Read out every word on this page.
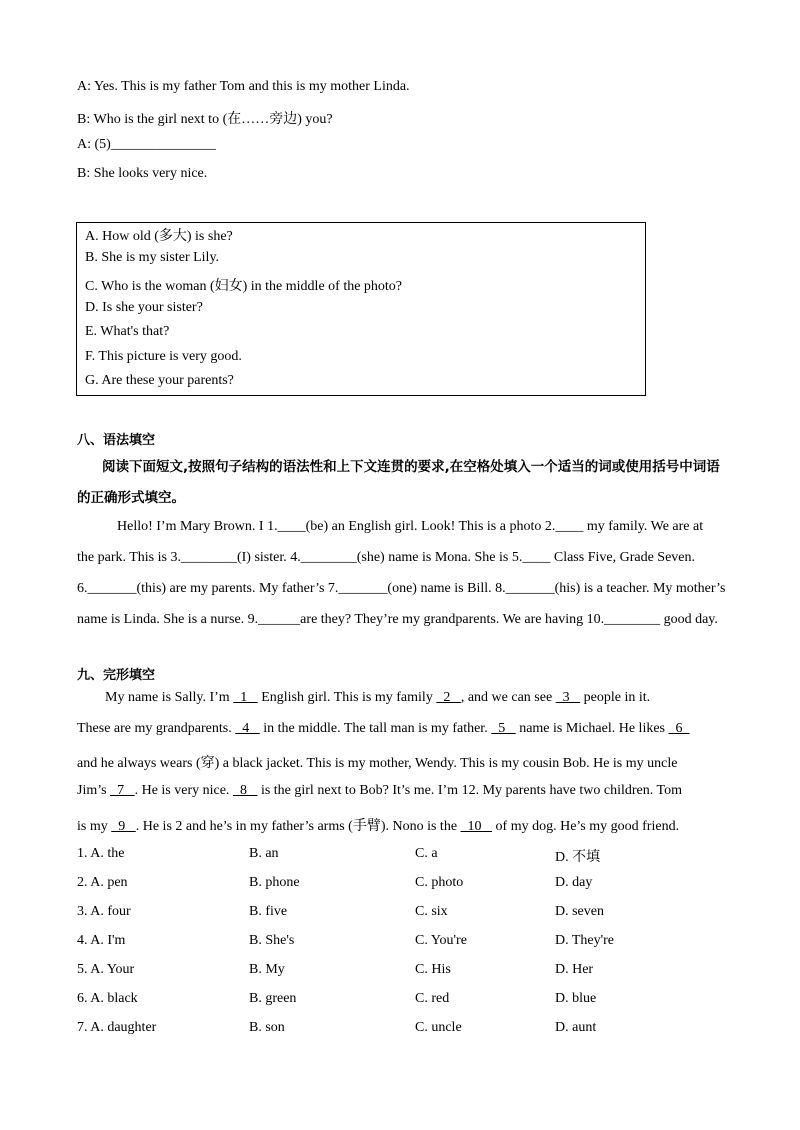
A: Yes. This is my father Tom and this is my mother Linda.
B: Who is the girl next to (在……旁边) you?
A: (5)_______________
B: She looks very nice.
A. How old (多大) is she?
B. She is my sister Lily.
C. Who is the woman (妇女) in the middle of the photo?
D. Is she your sister?
E. What's that?
F. This picture is very good.
G. Are these your parents?
八、语法填空
阅读下面短文,按照句子结构的语法性和上下文连贯的要求,在空格处填入一个适当的词或使用括号中词语的正确形式填空。
Hello! I’m Mary Brown. I 1.____(be) an English girl. Look! This is a photo 2.____ my family. We are at
the park. This is 3.________(I) sister. 4.________(she) name is Mona. She is 5.____ Class Five, Grade Seven.
6._______(this) are my parents. My father’s 7._______(one) name is Bill. 8._______(his) is a teacher. My mother’s
name is Linda. She is a nurse. 9.______are they? They’re my grandparents. We are having 10.________ good day.
九、完形填空
My name is Sally. I’m   1    English girl. This is my family   2   , and we can see   3    people in it.
These are my grandparents.   4    in the middle. The tall man is my father.   5    name is Michael. He likes   6
and he always wears (穿) a black jacket. This is my mother, Wendy. This is my cousin Bob. He is my uncle
Jim’s   7   . He is very nice.   8    is the girl next to Bob? It’s me. I’m 12. My parents have two children. Tom
is my   9   . He is 2 and he’s in my father’s arms (手臂). Nono is the   10    of my dog. He’s my good friend.
1. A. the	B. an	C. a	D. 不填
2. A. pen	B. phone	C. photo	D. day
3. A. four	B. five	C. six	D. seven
4. A. I'm	B. She's	C. You're	D. They're
5. A. Your	B. My	C. His	D. Her
6. A. black	B. green	C. red	D. blue
7. A. daughter	B. son	C. uncle	D. aunt
